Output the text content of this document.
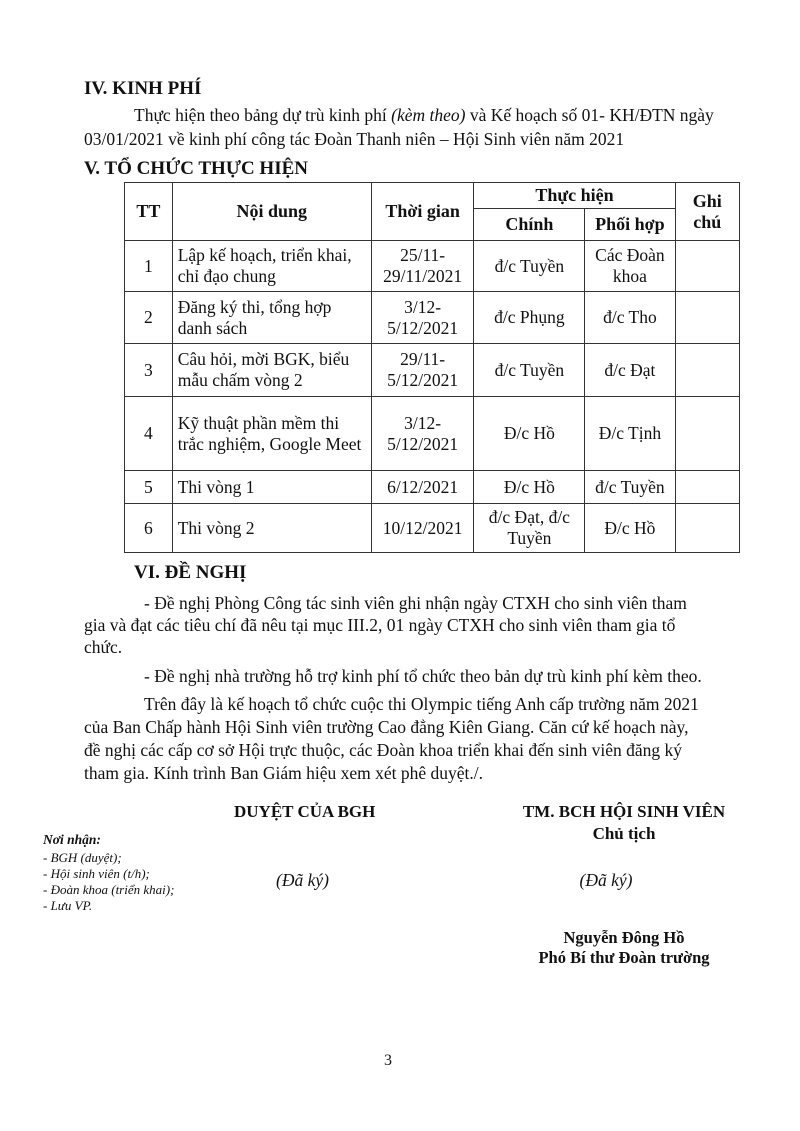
IV. KINH PHÍ
Thực hiện theo bảng dự trù kinh phí (kèm theo) và Kế hoạch số 01- KH/ĐTN ngày
03/01/2021 về kinh phí công tác Đoàn Thanh niên – Hội Sinh viên năm 2021
V. TỔ CHỨC THỰC HIỆN
TT	Nội dung	Thời gian	Thực hiện		Ghi chú
			Chính	Phối hợp	
1	Lập kế hoạch, triển khai, chỉ đạo chung	25/11- 29/11/2021	đ/c Tuyền	Các Đoàn khoa	
2	Đăng ký thi, tổng hợp danh sách	3/12- 5/12/2021	đ/c Phụng	đ/c Tho	
3	Câu hỏi, mời BGK, biểu mẫu chấm vòng 2	29/11- 5/12/2021	đ/c Tuyền	đ/c Đạt	
4	Kỹ thuật phần mềm thi trắc nghiệm, Google Meet	3/12- 5/12/2021	Đ/c Hồ	Đ/c Tịnh	
5	Thi vòng 1	6/12/2021	Đ/c Hồ	đ/c Tuyền	
6	Thi vòng 2	10/12/2021	đ/c Đạt, đ/c Tuyền	Đ/c Hồ	
VI. ĐỀ NGHỊ
- Đề nghị Phòng Công tác sinh viên ghi nhận ngày CTXH cho sinh viên tham
gia và đạt các tiêu chí đã nêu tại mục III.2, 01 ngày CTXH cho sinh viên tham gia tổ
chức.
- Đề nghị nhà trường hỗ trợ kinh phí tổ chức theo bản dự trù kinh phí kèm theo.
Trên đây là kế hoạch tổ chức cuộc thi Olympic tiếng Anh cấp trường năm 2021
của Ban Chấp hành Hội Sinh viên trường Cao đẳng Kiên Giang. Căn cứ kế hoạch này,
đề nghị các cấp cơ sở Hội trực thuộc, các Đoàn khoa triển khai đến sinh viên đăng ký
tham gia. Kính trình Ban Giám hiệu xem xét phê duyệt./.
DUYỆT CỦA BGH
(Đã ký)
TM. BCH HỘI SINH VIÊN
Chủ tịch
(Đã ký)
Nguyễn Đông Hồ
Phó Bí thư Đoàn trường
Nơi nhận:
- BGH (duyệt);
- Hội sinh viên (t/h);
- Đoàn khoa (triển khai);
- Lưu VP.
3
